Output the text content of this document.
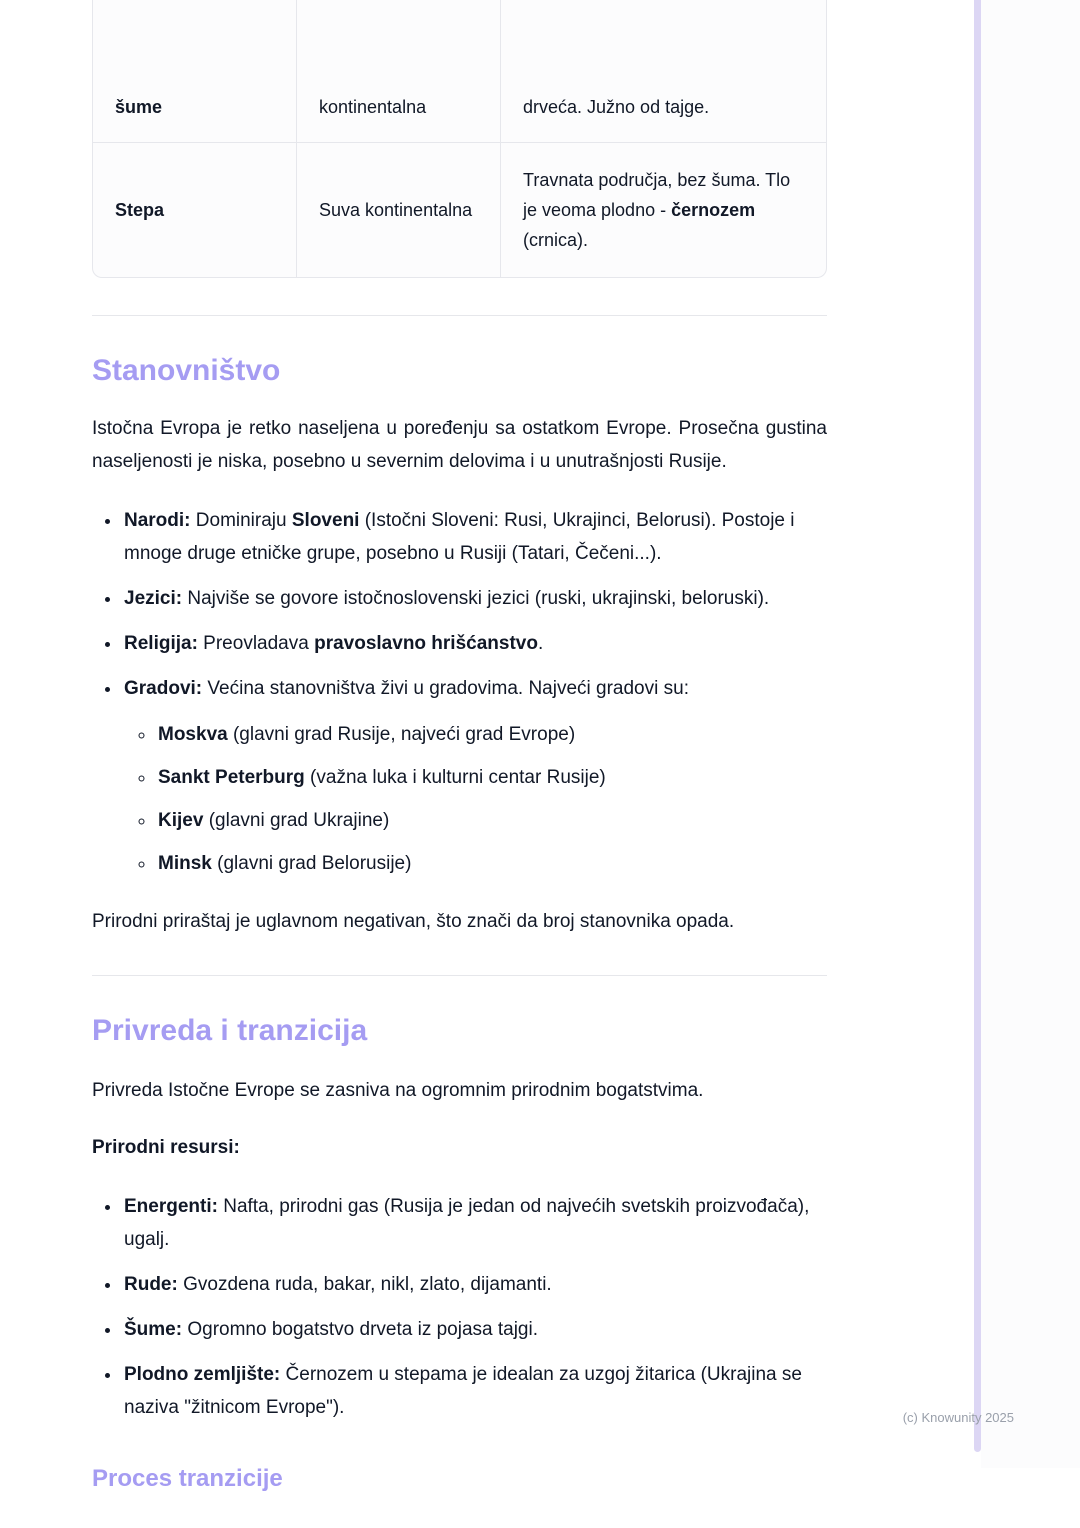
šume	kontinentalna	drveća. Južno od tajge.
Stepa	Suva kontinentalna	Travnata područja, bez šuma. Tlo je veoma plodno - černozem (crnica).
Stanovništvo

Istočna Evropa je retko naseljena u poređenju sa ostatkom Evrope. Prosečna gustina naseljenosti je niska, posebno u severnim delovima i u unutrašnjosti Rusije.

• Narodi: Dominiraju Sloveni (Istočni Sloveni: Rusi, Ukrajinci, Belorusi). Postoje i mnoge druge etničke grupe, posebno u Rusiji (Tatari, Čečeni...).
• Jezici: Najviše se govore istočnoslovenski jezici (ruski, ukrajinski, beloruski).
• Religija: Preovladava pravoslavno hrišćanstvo.
• Gradovi: Većina stanovništva živi u gradovima. Najveći gradovi su:
◦ Moskva (glavni grad Rusije, najveći grad Evrope)
◦ Sankt Peterburg (važna luka i kulturni centar Rusije)
◦ Kijev (glavni grad Ukrajine)
◦ Minsk (glavni grad Belorusije)

Prirodni priraštaj je uglavnom negativan, što znači da broj stanovnika opada.

Privreda i tranzicija

Privreda Istočne Evrope se zasniva na ogromnim prirodnim bogatstvima.

Prirodni resursi:

• Energenti: Nafta, prirodni gas (Rusija je jedan od najvećih svetskih proizvođača), ugalj.
• Rude: Gvozdena ruda, bakar, nikl, zlato, dijamanti.
• Šume: Ogromno bogatstvo drveta iz pojasa tajgi.
• Plodno zemljište: Černozem u stepama je idealan za uzgoj žitarica (Ukrajina se naziva "žitnicom Evrope").
Proces tranzicije
(c) Knowunity 2025
